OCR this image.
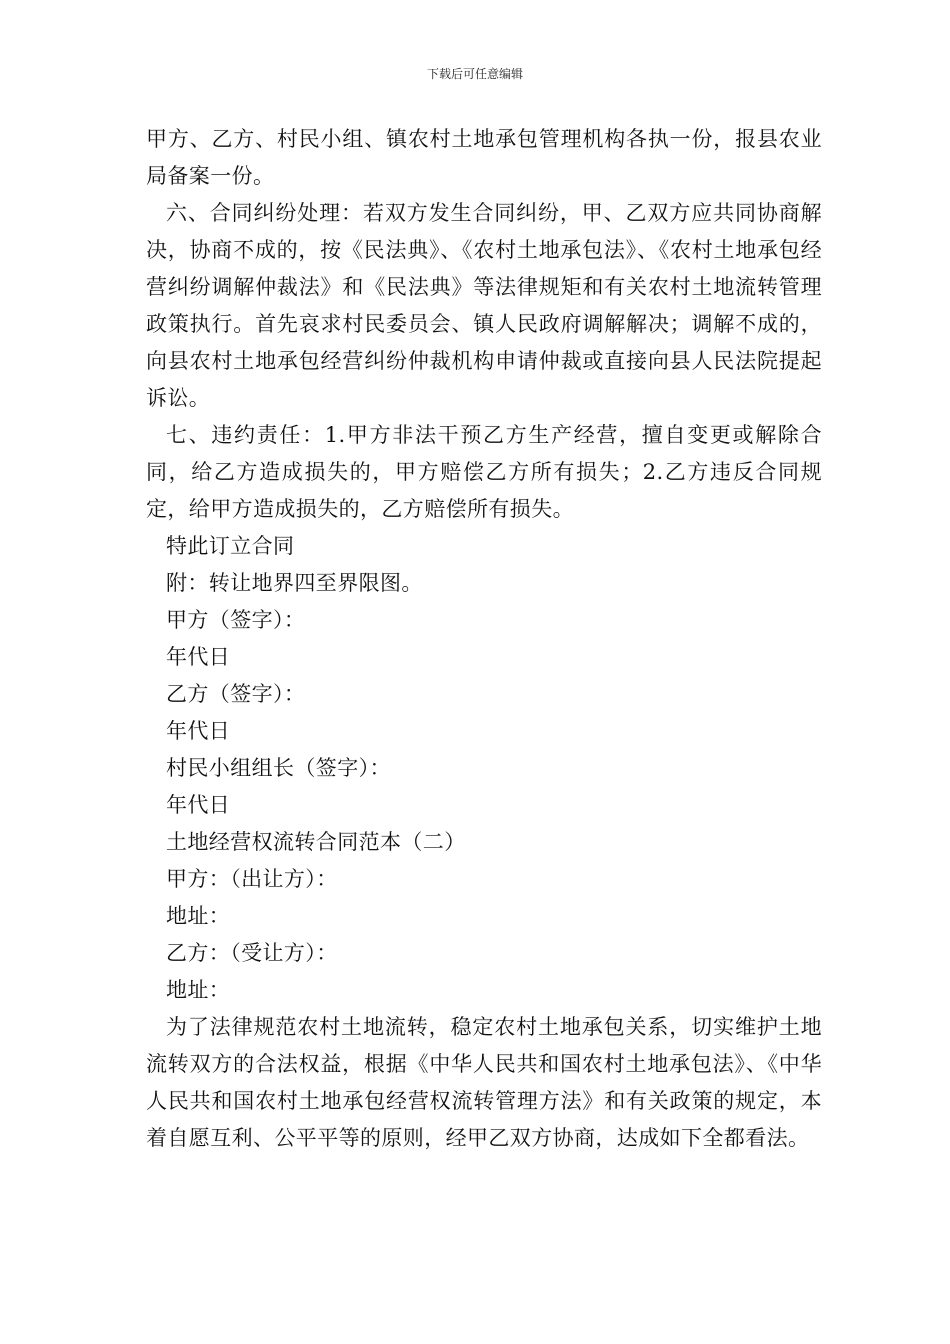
下载后可任意编辑

甲方、乙方、村民小组、镇农村土地承包管理机构各执一份，报县农业局备案一份。

六、合同纠纷处理：若双方发生合同纠纷，甲、乙双方应共同协商解决，协商不成的，按《民法典》、《农村土地承包法》、《农村土地承包经营纠纷调解仲裁法》和《民法典》等法律规矩和有关农村土地流转管理政策执行。首先哀求村民委员会、镇人民政府调解解决；调解不成的，向县农村土地承包经营纠纷仲裁机构申请仲裁或直接向县人民法院提起诉讼。

七、违约责任：1.甲方非法干预乙方生产经营，擅自变更或解除合同，给乙方造成损失的，甲方赔偿乙方所有损失；2.乙方违反合同规定，给甲方造成损失的，乙方赔偿所有损失。

特此订立合同

附：转让地界四至界限图。

甲方（签字）：

年代日

乙方（签字）：

年代日

村民小组组长（签字）：

年代日

土地经营权流转合同范本（二）

甲方：（出让方）：

地址：

乙方：（受让方）：

地址：

为了法律规范农村土地流转，稳定农村土地承包关系，切实维护土地流转双方的合法权益，根据《中华人民共和国农村土地承包法》、《中华人民共和国农村土地承包经营权流转管理方法》和有关政策的规定，本着自愿互利、公平平等的原则，经甲乙双方协商，达成如下全都看法。
